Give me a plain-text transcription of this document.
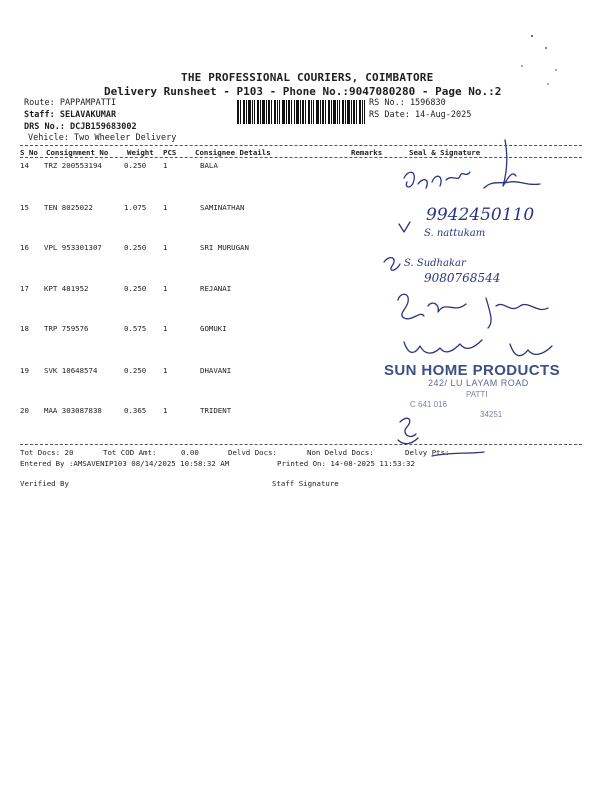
THE PROFESSIONAL COURIERS, COIMBATORE
Delivery Runsheet - P103 - Phone No.:9047080280 - Page No.:2
Route: PAPPAMPATTI
Staff: SELAVAKUMAR
DRS No.: DCJB159683002
Vehicle: Two Wheeler Delivery
RS No.: 1596830
RS Date: 14-Aug-2025
S No Consignment No	Weight PCS	Consignee Details	Remarks	Seal & Signature
14 TRZ 200553194	0.250 1	BALA
15 TEN 8025022	1.075 1	SAMINATHAN
16 VPL 953301307	0.250 1	SRI MURUGAN
17 KPT 481952	0.250 1	REJANAI
18 TRP 759576	0.575 1	GOMUKI
19 SVK 10648574	0.250 1	DHAVANI
20 MAA 303087838	0.365 1	TRIDENT
Tot Docs: 20	Tot COD Amt:	0.00	Delvd Docs:	Non Delvd Docs:	Delvy Pts:
Entered By :AMSAVENIP103 08/14/2025 10:58:32 AM	Printed On: 14-08-2025 11:53:32
Verified By	Staff Signature
SUN HOME PRODUCTS
242/ LU LAYAM ROAD
PATTI
C 641 016
34251
9942450110
S. nattukam
S. Sudhakar
9080768544
